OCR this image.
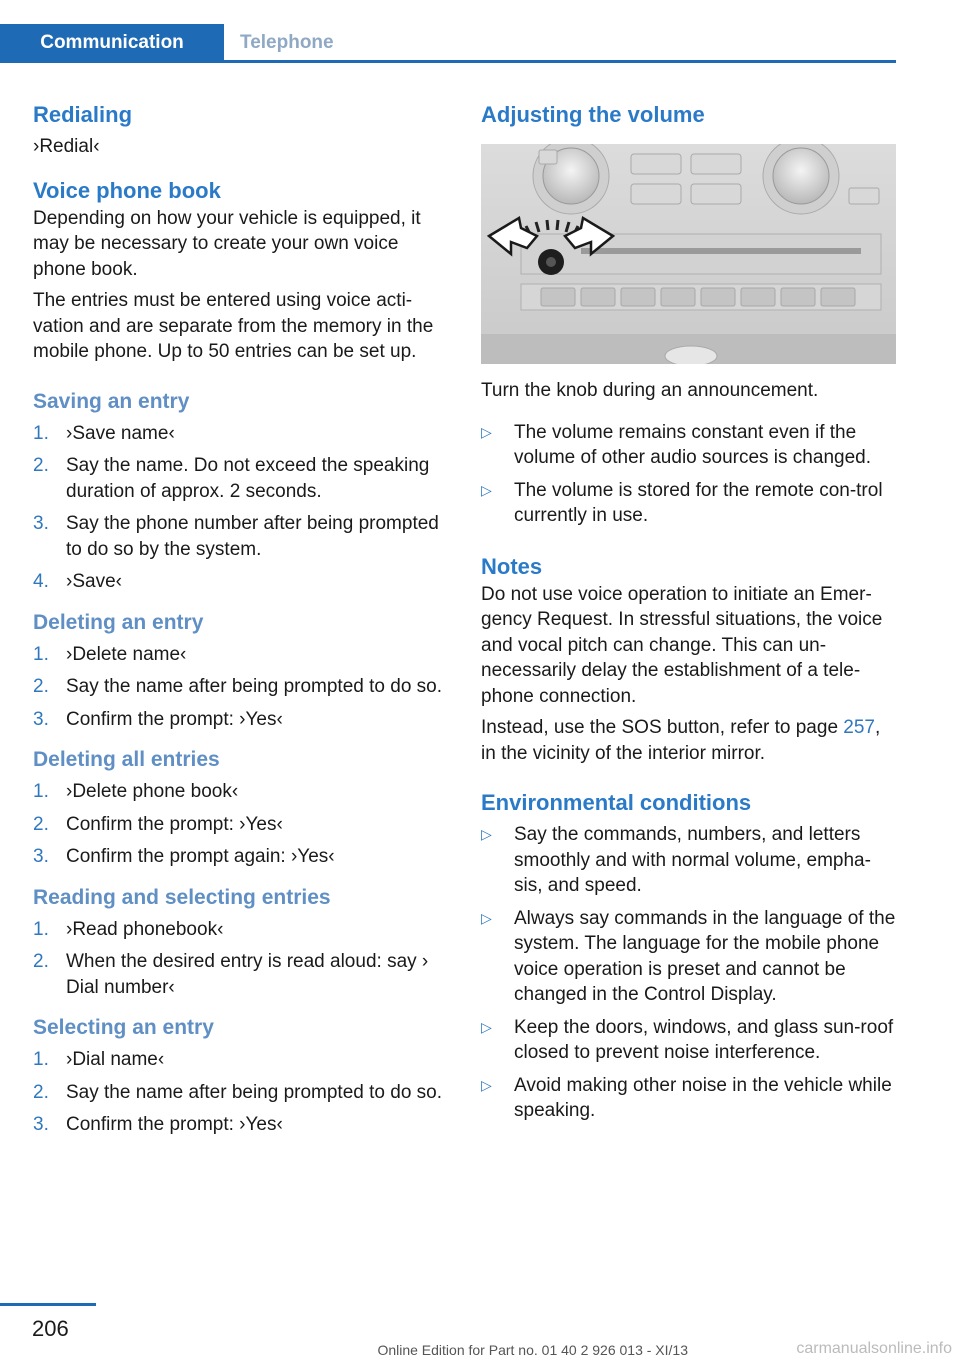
Communication	Telephone
Redialing

›Redial‹

Voice phone book

Depending on how your vehicle is equipped, it may be necessary to create your own voice phone book.

The entries must be entered using voice acti-vation and are separate from the memory in the mobile phone. Up to 50 entries can be set up.

Saving an entry
1. ›Save name‹
2. Say the name. Do not exceed the speaking duration of approx. 2 seconds.
3. Say the phone number after being prompted to do so by the system.
4. ›Save‹
Deleting an entry
1. ›Delete name‹
2. Say the name after being prompted to do so.
3. Confirm the prompt: ›Yes‹
Deleting all entries
1. ›Delete phone book‹
2. Confirm the prompt: ›Yes‹
3. Confirm the prompt again: ›Yes‹
Reading and selecting entries
1. ›Read phonebook‹
2. When the desired entry is read aloud: say › Dial number‹
Selecting an entry
1. ›Dial name‹
2. Say the name after being prompted to do so.
3. Confirm the prompt: ›Yes‹
Adjusting the volume

Turn the knob during an announcement.

▷	The volume remains constant even if the volume of other audio sources is changed.
▷	The volume is stored for the remote con-trol currently in use.
Notes

Do not use voice operation to initiate an Emer-gency Request. In stressful situations, the voice and vocal pitch can change. This can un-necessarily delay the establishment of a tele-phone connection.

Instead, use the SOS button, refer to page 257, in the vicinity of the interior mirror.

Environmental conditions
▷	Say the commands, numbers, and letters smoothly and with normal volume, empha-sis, and speed.
▷	Always say commands in the language of the system. The language for the mobile phone voice operation is preset and cannot be changed in the Control Display.
▷	Keep the doors, windows, and glass sun-roof closed to prevent noise interference.
▷	Avoid making other noise in the vehicle while speaking.
206
Online Edition for Part no. 01 40 2 926 013 - XI/13	carmanualsonline.info
